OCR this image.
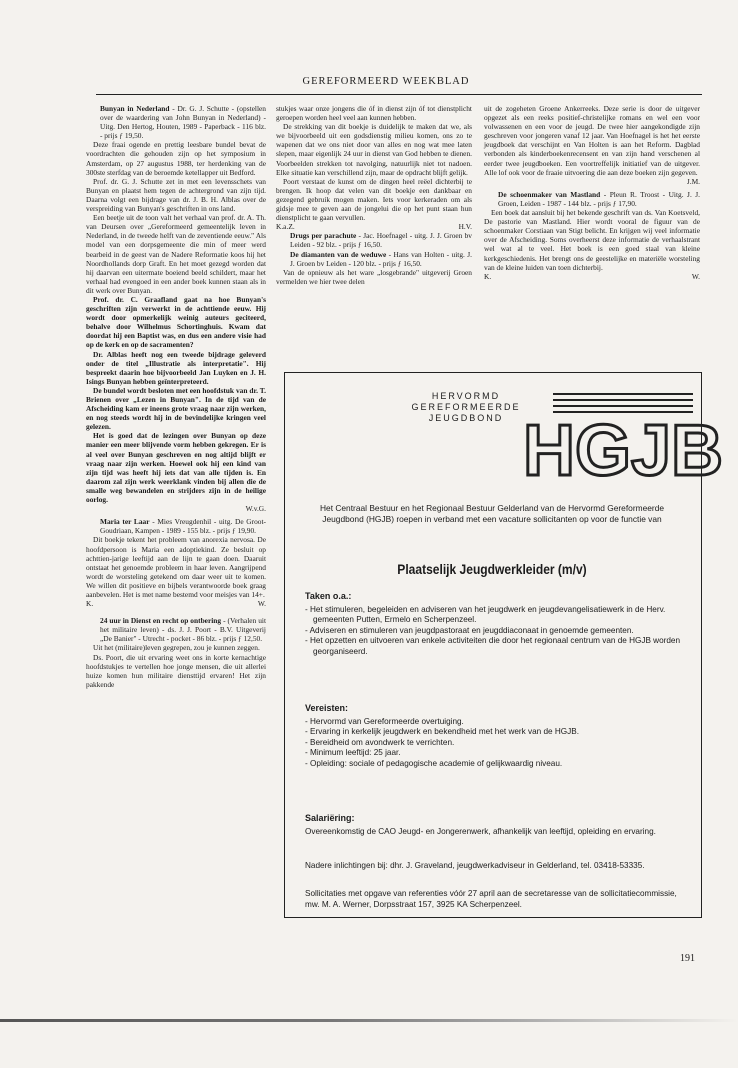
GEREFORMEERD WEEKBLAD

Bunyan in Nederland - Dr. G. J. Schutte - (opstellen over de waardering van John Bunyan in Nederland) - Uitg. Den Hertog, Houten, 1989 - Paperback - 116 blz. - prijs ƒ 19,50.

Deze fraai ogende en prettig leesbare bundel bevat de voordrachten die gehouden zijn op het symposium in Amsterdam, op 27 augustus 1988, ter herdenking van de 300ste sterfdag van de beroemde ketellapper uit Bedford.

Prof. dr. G. J. Schutte zet in met een levensschets van Bunyan en plaatst hem tegen de achtergrond van zijn tijd. Daarna volgt een bijdrage van dr. J. B. H. Alblas over de verspreiding van Bunyan's geschriften in ons land.

Een beetje uit de toon valt het verhaal van prof. dr. A. Th. van Deursen over „Gereformeerd gemeentelijk leven in Nederland, in de tweede helft van de zeventiende eeuw." Als model van een dorpsgemeente die min of meer werd bearbeid in de geest van de Nadere Reformatie koos hij het Noordhollands dorp Graft. En het moet gezegd worden dat hij daarvan een uitermate boeiend beeld schildert, maar het verhaal had evengoed in een ander boek kunnen staan als in dit werk over Bunyan.

Prof. dr. C. Graafland gaat na hoe Bunyan's geschriften zijn verwerkt in de achttiende eeuw. Hij wordt door opmerkelijk weinig auteurs geciteerd, behalve door Wilhelmus Schortinghuis. Kwam dat doordat hij een Baptist was, en dus een andere visie had op de kerk en op de sacramenten?

Dr. Alblas heeft nog een tweede bijdrage geleverd onder de titel „Illustratie als interpretatie". Hij bespreekt daarin hoe bijvoorbeeld Jan Luyken en J. H. Isings Bunyan hebben geïnterpreteerd.

De bundel wordt besloten met een hoofdstuk van dr. T. Brienen over „Lezen in Bunyan". In de tijd van de Afscheiding kam er ineens grote vraag naar zijn werken, en nog steeds wordt hij in de bevindelijke kringen veel gelezen.

Het is goed dat de lezingen over Bunyan op deze manier een meer blijvende vorm hebben gekregen. Er is al veel over Bunyan geschreven en nog altijd blijft er vraag naar zijn werken. Hoewel ook hij een kind van zijn tijd was heeft hij iets dat van alle tijden is. En daarom zal zijn werk weerklank vinden bij allen die de smalle weg bewandelen en strijders zijn in de heilige oorlog.

W.v.G.

Maria ter Laar - Mies Vreugdenhil - uitg. De Groot-Goudriaan, Kampen - 1989 - 155 blz. - prijs ƒ 19,90.

Dit boekje tekent het probleem van anorexia nervosa. De hoofdpersoon is Maria een adoptiekind. Ze besluit op achttien-jarige leeftijd aan de lijn te gaan doen. Daaruit ontstaat het genoemde probleem in haar leven. Aangrijpend wordt de worsteling getekend om daar weer uit te komen. We willen dit positieve en bijbels verantwoorde boek graag aanbevelen. Het is met name bestemd voor meisjes van 14+.

K.	W.

24 uur in Dienst en recht op ontbering - (Verhalen uit het militaire leven) - ds. J. J. Poort - B.V. Uitgeverij „De Banier" - Utrecht - pocket - 86 blz. - prijs ƒ 12,50.

Uit het (militaire)leven gegrepen, zou je kunnen zeggen.

Ds. Poort, die uit ervaring weet ons in korte kernachtige hoofdstukjes te vertellen hoe jonge mensen, die uit allerlei huize komen hun militaire diensttijd ervaren! Het zijn pakkende

stukjes waar onze jongens die óf in dienst zijn óf tot dienstplicht geroepen worden heel veel aan kunnen hebben.

De strekking van dit boekje is duidelijk te maken dat we, als we bijvoorbeeld uit een godsdienstig milieu komen, ons zo te wapenen dat we ons niet door van alles en nog wat mee laten slepen, maar eigenlijk 24 uur in dienst van God hebben te dienen. Voorbeelden strekken tot navolging, natuurlijk niet tot nadoen. Elke situatie kan verschillend zijn, maar de opdracht blijft gelijk.

Poort verstaat de kunst om de dingen heel reëel dichterbij te brengen. Ik hoop dat velen van dit boekje een dankbaar en gezegend gebruik mogen maken. Iets voor kerkeraden om als gidsje mee te geven aan de jongelui die op het punt staan hun dienstplicht te gaan vervullen.

K.a.Z.	H.V.

Drugs per parachute - Jac. Hoefnagel - uitg. J. J. Groen bv Leiden - 92 blz. - prijs ƒ 16,50.

De diamanten van de weduwe - Hans van Holten - uitg. J. J. Groen bv Leiden - 120 blz. - prijs ƒ 16,50.

Van de opnieuw als het ware „losgebrande" uitgeverij Groen vermelden we hier twee delen

uit de zogeheten Groene Ankerreeks. Deze serie is door de uitgever opgezet als een reeks positief-christelijke romans en wel een voor volwassenen en een voor de jeugd. De twee hier aangekondigde zijn geschreven voor jongeren vanaf 12 jaar. Van Hoefnagel is het het eerste jeugdboek dat verschijnt en Van Holten is aan het Reform. Dagblad verbonden als kinderboekenrecensent en van zijn hand verschenen al eerder twee jeugdboeken. Een voortreffelijk initiatief van de uitgever. Alle lof ook voor de fraaie uitvoering die aan deze boeken zijn gegeven.

J.M.

De schoenmaker van Mastland - Pleun R. Troost - Uitg. J. J. Groen, Leiden - 1987 - 144 blz. - prijs ƒ 17,90.

Een boek dat aansluit bij het bekende geschrift van ds. Van Koetsveld, De pastorie van Mastland. Hier wordt vooral de figuur van de schoenmaker Corstiaan van Stigt belicht. En krijgen wij veel informatie over de Afscheiding. Soms overheerst deze informatie de verhaalstrant wel wat al te veel. Het boek is een goed staal van kleine kerkgeschiedenis. Het brengt ons de geestelijke en materiële worsteling van de kleine luiden van toen dichterbij.

K.	W.
HERVORMD
GEREFORMEERDE
JEUGDBOND HGJB
Het Centraal Bestuur en het Regionaal Bestuur Gelderland van de Hervormd Gereformeerde Jeugdbond (HGJB) roepen in verband met een vacature sollicitanten op voor de functie van
Plaatselijk Jeugdwerkleider (m/v)
Taken o.a.:
- Het stimuleren, begeleiden en adviseren van het jeugdwerk en jeugdevangelisatiewerk in de Herv. gemeenten Putten, Ermelo en Scherpenzeel.
- Adviseren en stimuleren van jeugdpastoraat en jeugddiaconaat in genoemde gemeenten.
- Het opzetten en uitvoeren van enkele activiteiten die door het regionaal centrum van de HGJB worden georganiseerd.
Vereisten:
- Hervormd van Gereformeerde overtuiging.
- Ervaring in kerkelijk jeugdwerk en bekendheid met het werk van de HGJB.
- Bereidheid om avondwerk te verrichten.
- Minimum leeftijd: 25 jaar.
- Opleiding: sociale of pedagogische academie of gelijkwaardig niveau.
Salariëring:

Overeenkomstig de CAO Jeugd- en Jongerenwerk, afhankelijk van leeftijd, opleiding en ervaring.

Nadere inlichtingen bij: dhr. J. Graveland, jeugdwerkadviseur in Gelderland, tel. 03418-53335.

Sollicitaties met opgave van referenties vóór 27 april aan de secretaresse van de sollicitatiecommissie, mw. M. A. Werner, Dorpsstraat 157, 3925 KA Scherpenzeel.

191
